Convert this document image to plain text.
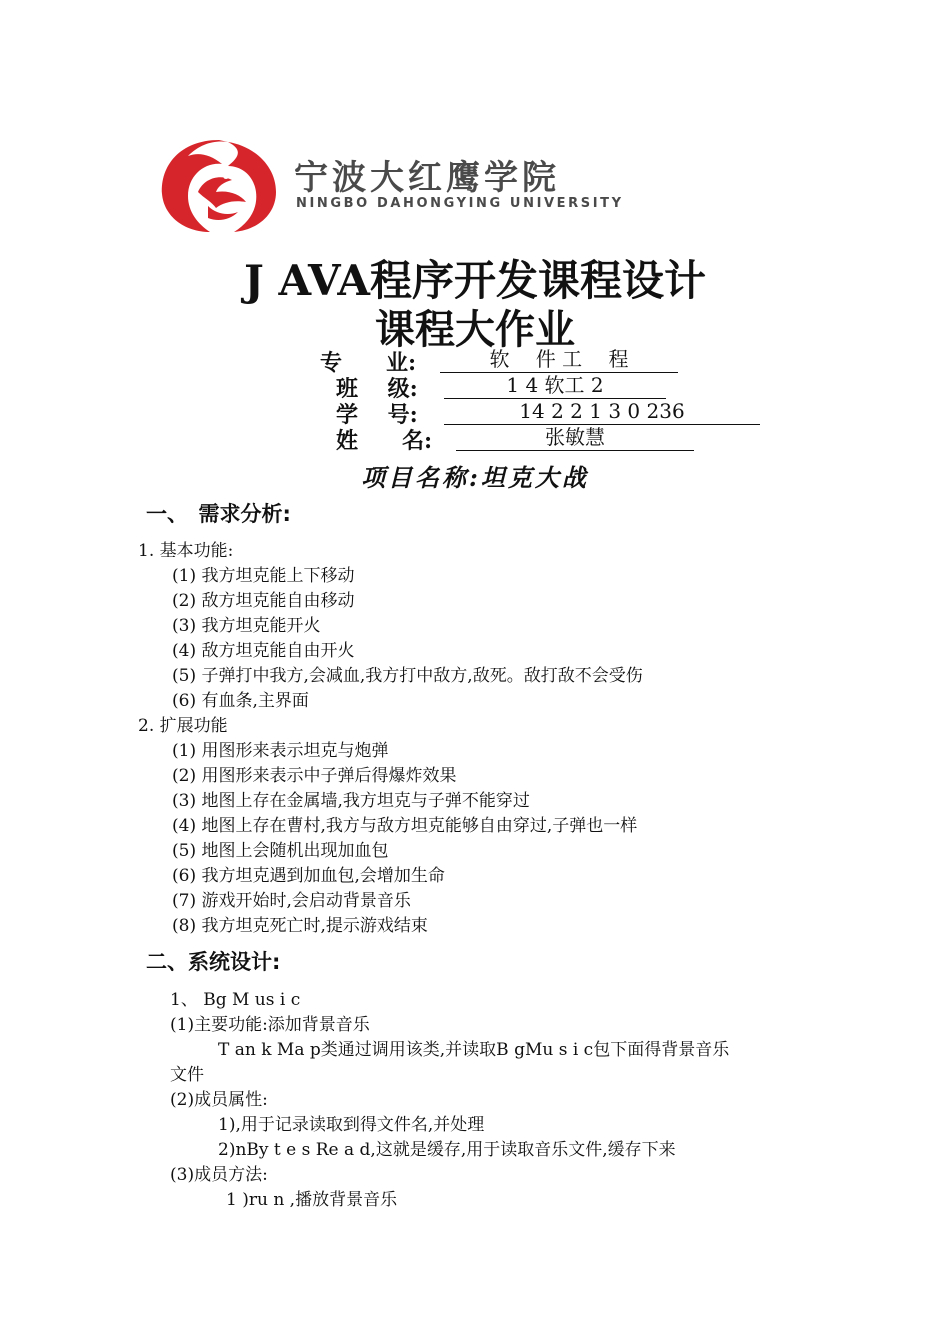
宁波大红鹰学院
NINGBO DAHONGYING UNIVERSITY
J AVA程序开发课程设计
课程大作业
专　　业:	软　 件 工　 程
班　 级:	1 4 软工 2
学　 号:	14 2 2 1 3 0 236
姓　　名:	张敏慧
项目名称:坦克大战
一、　需求分析:
1. 基本功能:
(1) 我方坦克能上下移动
(2) 敌方坦克能自由移动
(3) 我方坦克能开火
(4) 敌方坦克能自由开火
(5) 子弹打中我方,会减血,我方打中敌方,敌死。敌打敌不会受伤
(6) 有血条,主界面
2. 扩展功能
(1) 用图形来表示坦克与炮弹
(2) 用图形来表示中子弹后得爆炸效果
(3) 地图上存在金属墙,我方坦克与子弹不能穿过
(4) 地图上存在曹村,我方与敌方坦克能够自由穿过,子弹也一样
(5) 地图上会随机出现加血包
(6) 我方坦克遇到加血包,会增加生命
(7) 游戏开始时,会启动背景音乐
(8) 我方坦克死亡时,提示游戏结束
二、系统设计:
1、 Bg M us i c
(1)主要功能:添加背景音乐
T an k Ma p类通过调用该类,并读取B gMu s i c包下面得背景音乐
文件
(2)成员属性:
1),用于记录读取到得文件名,并处理
2)nBy t e s Re a d,这就是缓存,用于读取音乐文件,缓存下来
(3)成员方法:
1 )ru n ,播放背景音乐
